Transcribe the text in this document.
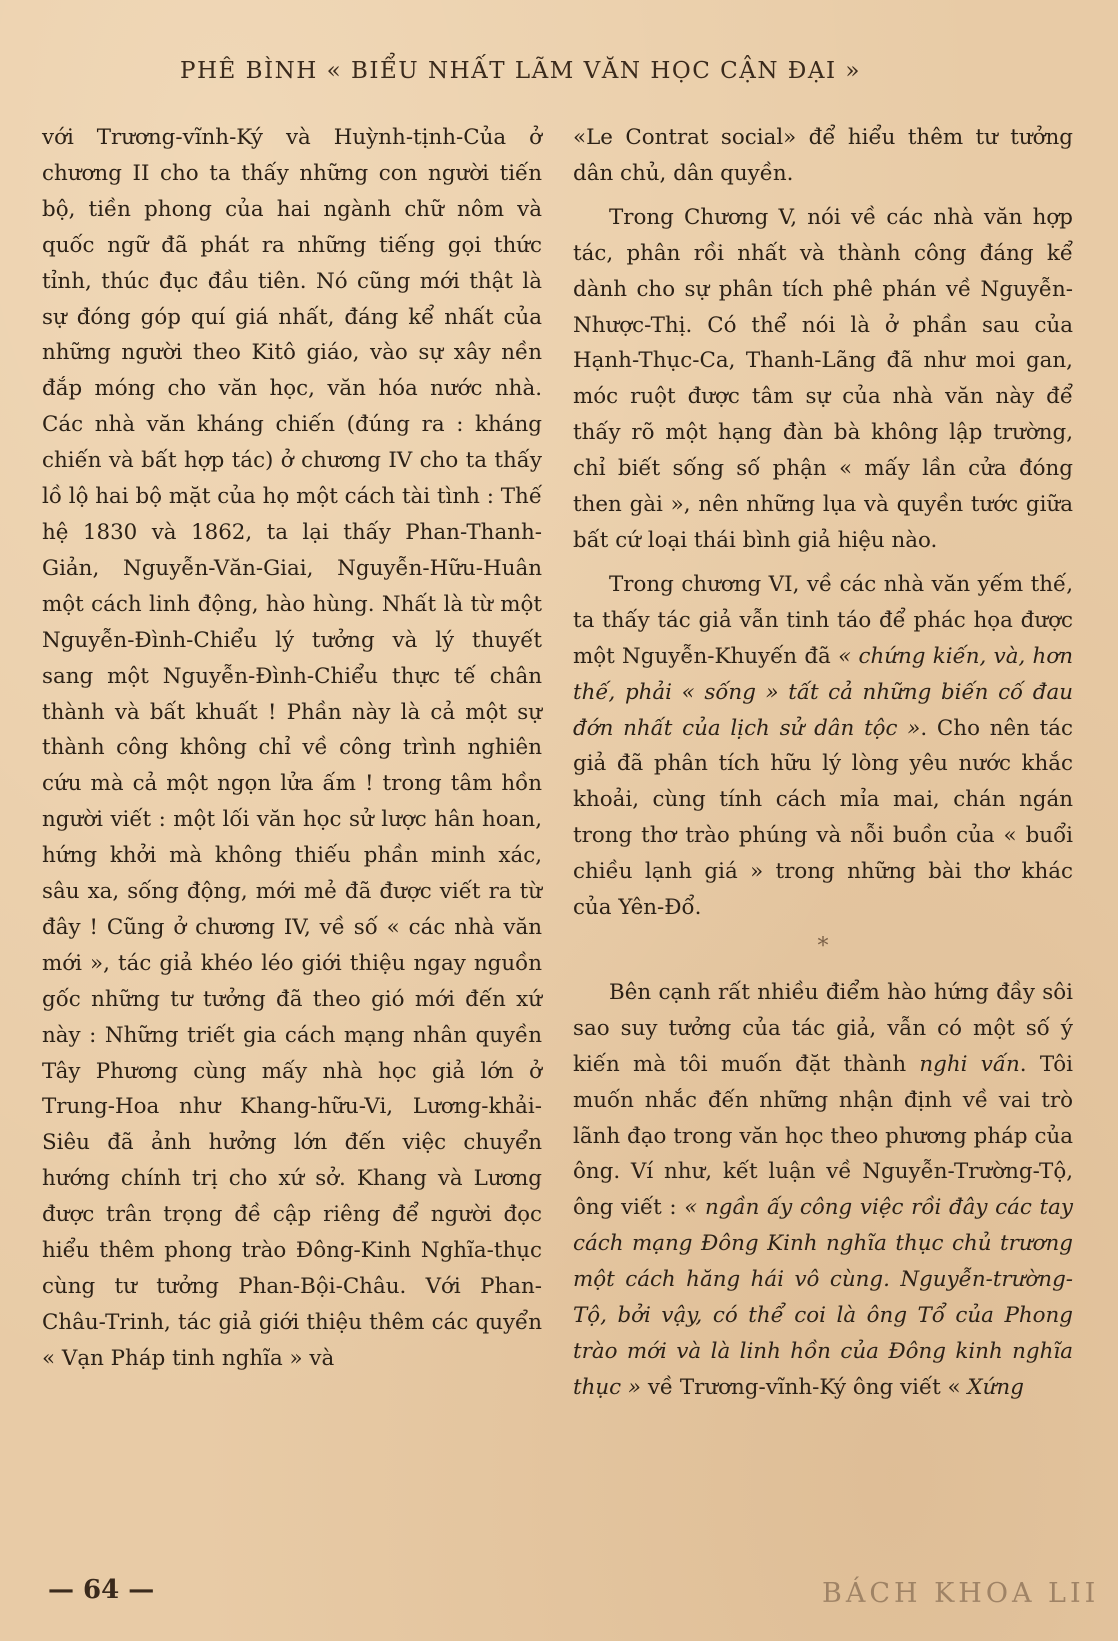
PHÊ BÌNH « BIỂU NHẤT LÃM VĂN HỌC CẬN ĐẠI »

với Trương-vĩnh-Ký và Huỳnh-tịnh-Của ở chương II cho ta thấy những con người tiến bộ, tiền phong của hai ngành chữ nôm và quốc ngữ đã phát ra những tiếng gọi thức tỉnh, thúc đục đầu tiên. Nó cũng mới thật là sự đóng góp quí giá nhất, đáng kể nhất của những người theo Kitô giáo, vào sự xây nền đắp móng cho văn học, văn hóa nước nhà. Các nhà văn kháng chiến (đúng ra : kháng chiến và bất hợp tác) ở chương IV cho ta thấy lồ lộ hai bộ mặt của họ một cách tài tình : Thế hệ 1830 và 1862, ta lại thấy Phan-Thanh-Giản, Nguyễn-Văn-Giai, Nguyễn-Hữu-Huân một cách linh động, hào hùng. Nhất là từ một Nguyễn-Đình-Chiểu lý tưởng và lý thuyết sang một Nguyễn-Đình-Chiểu thực tế chân thành và bất khuất ! Phần này là cả một sự thành công không chỉ về công trình nghiên cứu mà cả một ngọn lửa ấm ! trong tâm hồn người viết : một lối văn học sử lược hân hoan, hứng khởi mà không thiếu phần minh xác, sâu xa, sống động, mới mẻ đã được viết ra từ đây ! Cũng ở chương IV, về số « các nhà văn mới », tác giả khéo léo giới thiệu ngay nguồn gốc những tư tưởng đã theo gió mới đến xứ này : Những triết gia cách mạng nhân quyền Tây Phương cùng mấy nhà học giả lớn ở Trung-Hoa như Khang-hữu-Vi, Lương-khải-Siêu đã ảnh hưởng lớn đến việc chuyển hướng chính trị cho xứ sở. Khang và Lương được trân trọng đề cập riêng để người đọc hiểu thêm phong trào Đông-Kinh Nghĩa-thục cùng tư tưởng Phan-Bội-Châu. Với Phan-Châu-Trinh, tác giả giới thiệu thêm các quyển « Vạn Pháp tinh nghĩa » và

«Le Contrat social» để hiểu thêm tư tưởng dân chủ, dân quyền.

Trong Chương V, nói về các nhà văn hợp tác, phân rồi nhất và thành công đáng kể dành cho sự phân tích phê phán về Nguyễn-Nhược-Thị. Có thể nói là ở phần sau của Hạnh-Thục-Ca, Thanh-Lãng đã như moi gan, móc ruột được tâm sự của nhà văn này để thấy rõ một hạng đàn bà không lập trường, chỉ biết sống số phận « mấy lần cửa đóng then gài », nên những lụa và quyền tước giữa bất cứ loại thái bình giả hiệu nào.

Trong chương VI, về các nhà văn yếm thế, ta thấy tác giả vẫn tinh táo để phác họa được một Nguyễn-Khuyến đã « chứng kiến, và, hơn thế, phải « sống » tất cả những biến cố đau đớn nhất của lịch sử dân tộc ». Cho nên tác giả đã phân tích hữu lý lòng yêu nước khắc khoải, cùng tính cách mỉa mai, chán ngán trong thơ trào phúng và nỗi buồn của « buổi chiều lạnh giá » trong những bài thơ khác của Yên-Đổ.

*

Bên cạnh rất nhiều điểm hào hứng đầy sôi sao suy tưởng của tác giả, vẫn có một số ý kiến mà tôi muốn đặt thành nghi vấn. Tôi muốn nhắc đến những nhận định về vai trò lãnh đạo trong văn học theo phương pháp của ông. Ví như, kết luận về Nguyễn-Trường-Tộ, ông viết : « ngần ấy công việc rồi đây các tay cách mạng Đông Kinh nghĩa thục chủ trương một cách hăng hái vô cùng. Nguyễn-trường-Tộ, bởi vậy, có thể coi là ông Tổ của Phong trào mới và là linh hồn của Đông kinh nghĩa thục » về Trương-vĩnh-Ký ông viết « Xứng

— 64 —	BÁCH KHOA LII
